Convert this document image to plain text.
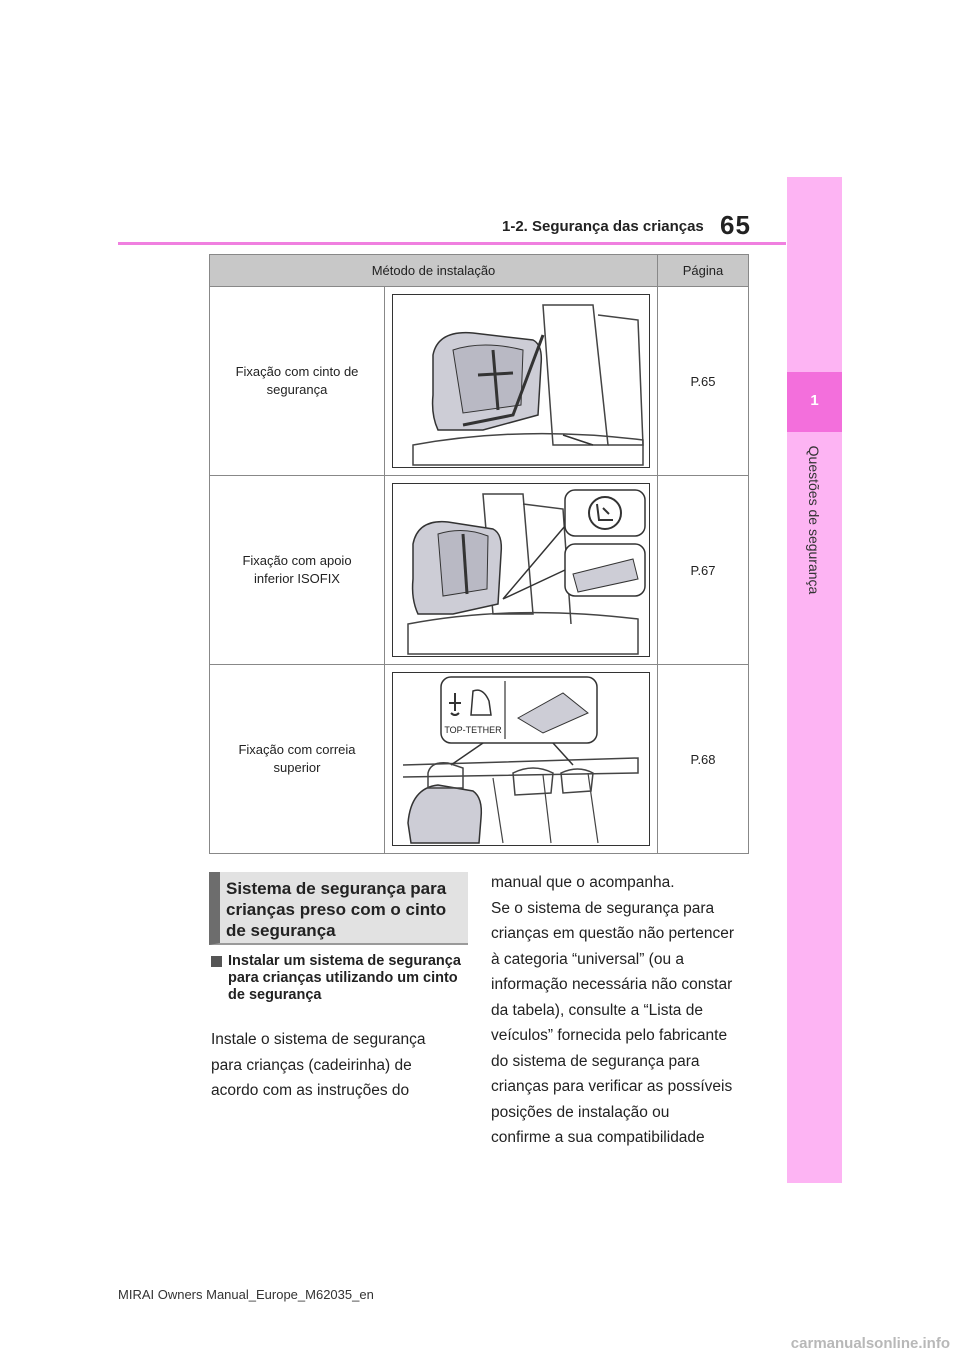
1-2. Segurança das crianças 65
1
Questões de segurança
Método de instalação		Página

Fixação com cinto de segurança		P.65

Fixação com apoio inferior ISOFIX		P.67

Fixação com correia superior	TOP-TETHER	P.68
Sistema de segurança para crianças preso com o cinto de segurança
Instalar um sistema de segurança para crianças utilizando um cinto de segurança
Instale o sistema de segurança
para crianças (cadeirinha) de
acordo com as instruções do
manual que o acompanha.
Se o sistema de segurança para
crianças em questão não pertencer
à categoria “universal” (ou a
informação necessária não constar
da tabela), consulte a “Lista de
veículos” fornecida pelo fabricante
do sistema de segurança para
crianças para verificar as possíveis
posições de instalação ou
confirme a sua compatibilidade
MIRAI Owners Manual_Europe_M62035_en
carmanualsonline.info
